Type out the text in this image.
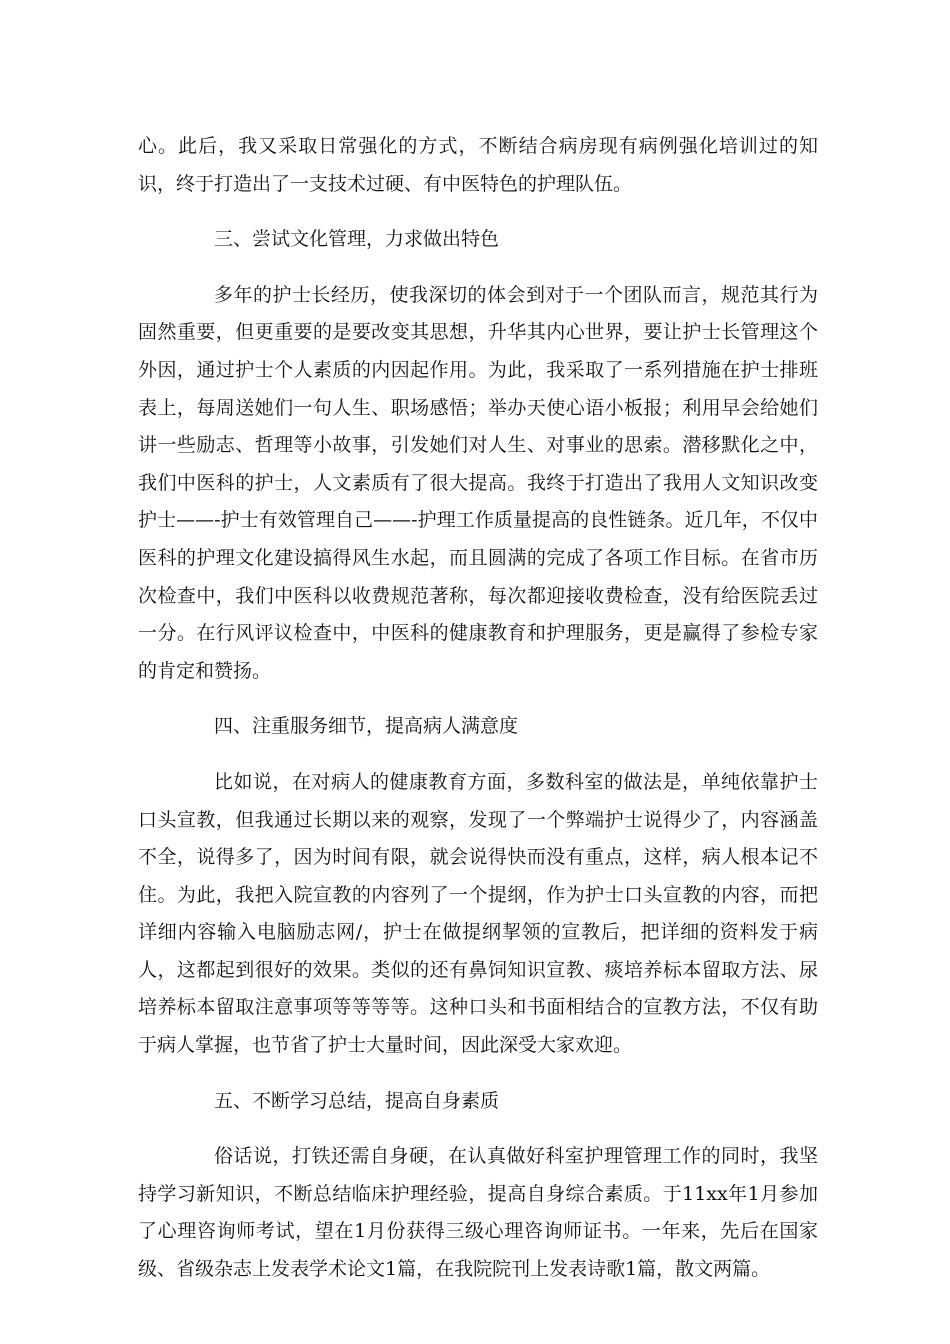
心。此后，我又采取日常强化的方式，不断结合病房现有病例强化培训过的知识，终于打造出了一支技术过硬、有中医特色的护理队伍。

三、尝试文化管理，力求做出特色

多年的护士长经历，使我深切的体会到对于一个团队而言，规范其行为固然重要，但更重要的是要改变其思想，升华其内心世界，要让护士长管理这个外因，通过护士个人素质的内因起作用。为此，我采取了一系列措施在护士排班表上，每周送她们一句人生、职场感悟；举办天使心语小板报；利用早会给她们讲一些励志、哲理等小故事，引发她们对人生、对事业的思索。潜移默化之中，我们中医科的护士，人文素质有了很大提高。我终于打造出了我用人文知识改变护士——-护士有效管理自己——-护理工作质量提高的良性链条。近几年，不仅中医科的护理文化建设搞得风生水起，而且圆满的完成了各项工作目标。在省市历次检查中，我们中医科以收费规范著称，每次都迎接收费检查，没有给医院丢过一分。在行风评议检查中，中医科的健康教育和护理服务，更是赢得了参检专家的肯定和赞扬。

四、注重服务细节，提高病人满意度

比如说，在对病人的健康教育方面，多数科室的做法是，单纯依靠护士口头宣教，但我通过长期以来的观察，发现了一个弊端护士说得少了，内容涵盖不全，说得多了，因为时间有限，就会说得快而没有重点，这样，病人根本记不住。为此，我把入院宣教的内容列了一个提纲，作为护士口头宣教的内容，而把详细内容输入电脑励志网/，护士在做提纲挈领的宣教后，把详细的资料发于病人，这都起到很好的效果。类似的还有鼻饲知识宣教、痰培养标本留取方法、尿培养标本留取注意事项等等等等。这种口头和书面相结合的宣教方法，不仅有助于病人掌握，也节省了护士大量时间，因此深受大家欢迎。

五、不断学习总结，提高自身素质

俗话说，打铁还需自身硬，在认真做好科室护理管理工作的同时，我坚持学习新知识，不断总结临床护理经验，提高自身综合素质。于11xx年1月参加了心理咨询师考试，望在1月份获得三级心理咨询师证书。一年来，先后在国家级、省级杂志上发表学术论文1篇，在我院院刊上发表诗歌1篇，散文两篇。
